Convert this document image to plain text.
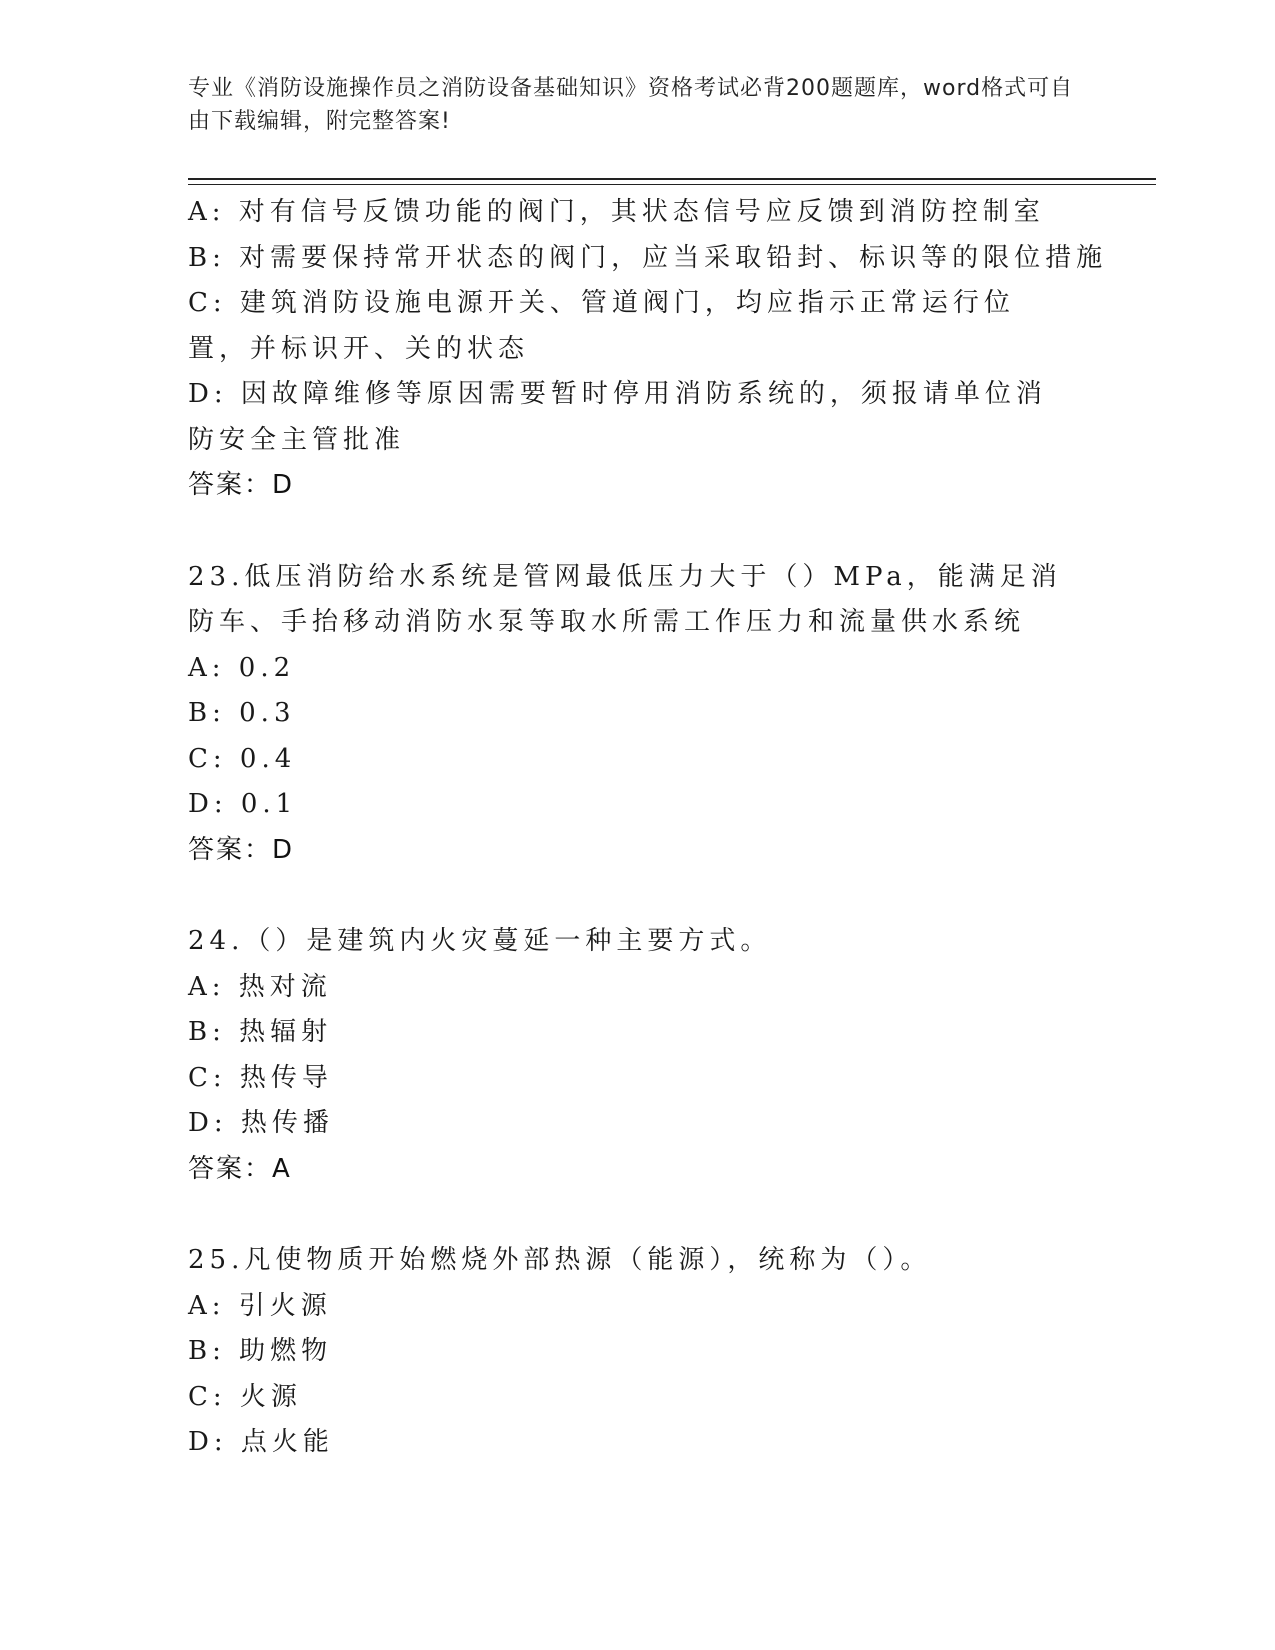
专业《消防设施操作员之消防设备基础知识》资格考试必背200题题库，word格式可自由下载编辑，附完整答案!
A: 对有信号反馈功能的阀门，其状态信号应反馈到消防控制室
B: 对需要保持常开状态的阀门，应当采取铅封、标识等的限位措施
C: 建筑消防设施电源开关、管道阀门，均应指示正常运行位置，并标识开、关的状态
D: 因故障维修等原因需要暂时停用消防系统的，须报请单位消防安全主管批准
答案：D
23.低压消防给水系统是管网最低压力大于（）MPa，能满足消防车、手抬移动消防水泵等取水所需工作压力和流量供水系统
A: 0.2
B: 0.3
C: 0.4
D: 0.1
答案：D
24.（）是建筑内火灾蔓延一种主要方式。
A: 热对流
B: 热辐射
C: 热传导
D: 热传播
答案：A
25.凡使物质开始燃烧外部热源（能源），统称为（）。
A: 引火源
B: 助燃物
C: 火源
D: 点火能
